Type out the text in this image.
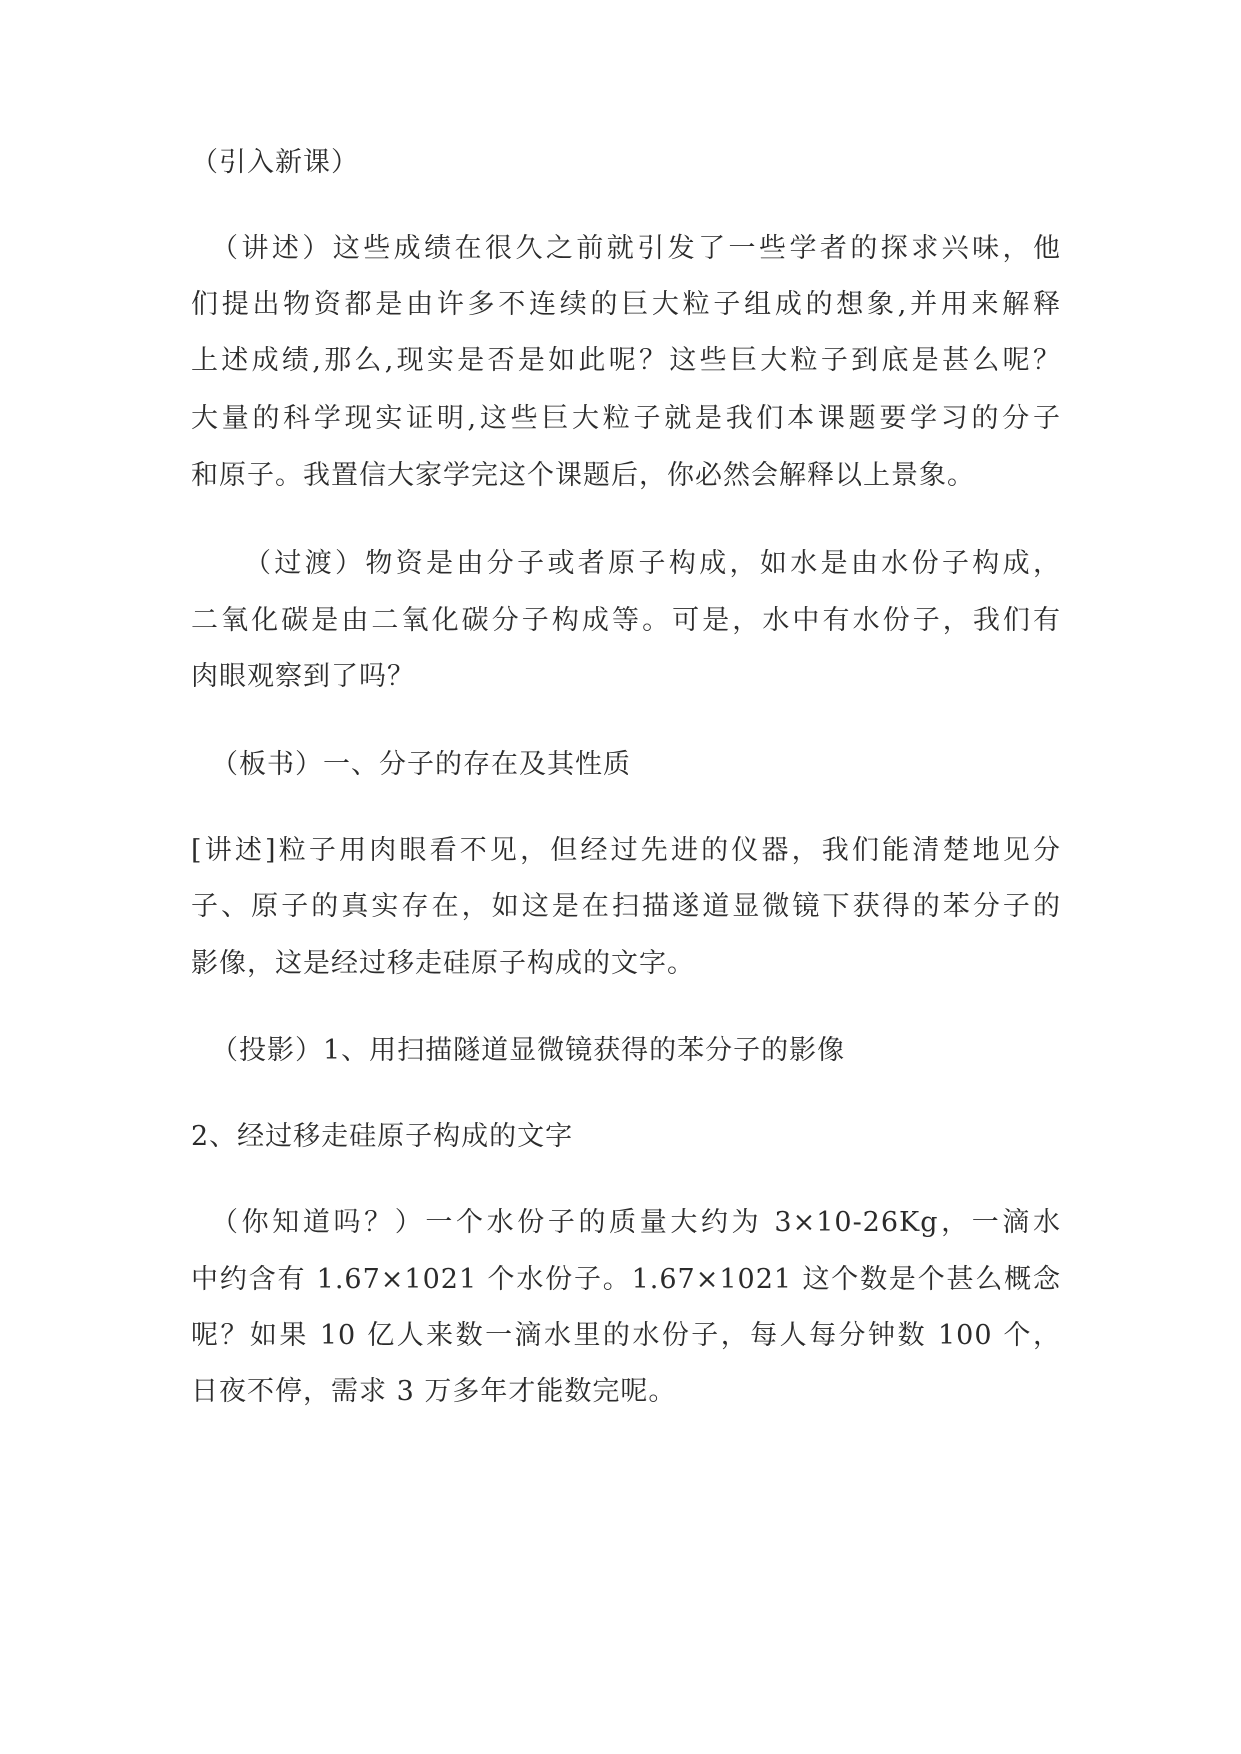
（引入新课）
（讲述）这些成绩在很久之前就引发了一些学者的探求兴味，他
们提出物资都是由许多不连续的巨大粒子组成的想象,并用来解释
上述成绩,那么,现实是否是如此呢？这些巨大粒子到底是甚么呢？
大量的科学现实证明,这些巨大粒子就是我们本课题要学习的分子
和原子。我置信大家学完这个课题后，你必然会解释以上景象。
（过渡）物资是由分子或者原子构成，如水是由水份子构成，
二氧化碳是由二氧化碳分子构成等。可是，水中有水份子，我们有
肉眼观察到了吗？
（板书）一、分子的存在及其性质
[讲述]粒子用肉眼看不见，但经过先进的仪器，我们能清楚地见分
子、原子的真实存在，如这是在扫描遂道显微镜下获得的苯分子的
影像，这是经过移走硅原子构成的文字。
（投影）1、用扫描隧道显微镜获得的苯分子的影像
2、经过移走硅原子构成的文字
（你知道吗？）一个水份子的质量大约为 3×10-26Kg，一滴水
中约含有 1.67×1021 个水份子。1.67×1021 这个数是个甚么概念
呢？如果 10 亿人来数一滴水里的水份子，每人每分钟数 100 个，
日夜不停，需求 3 万多年才能数完呢。
